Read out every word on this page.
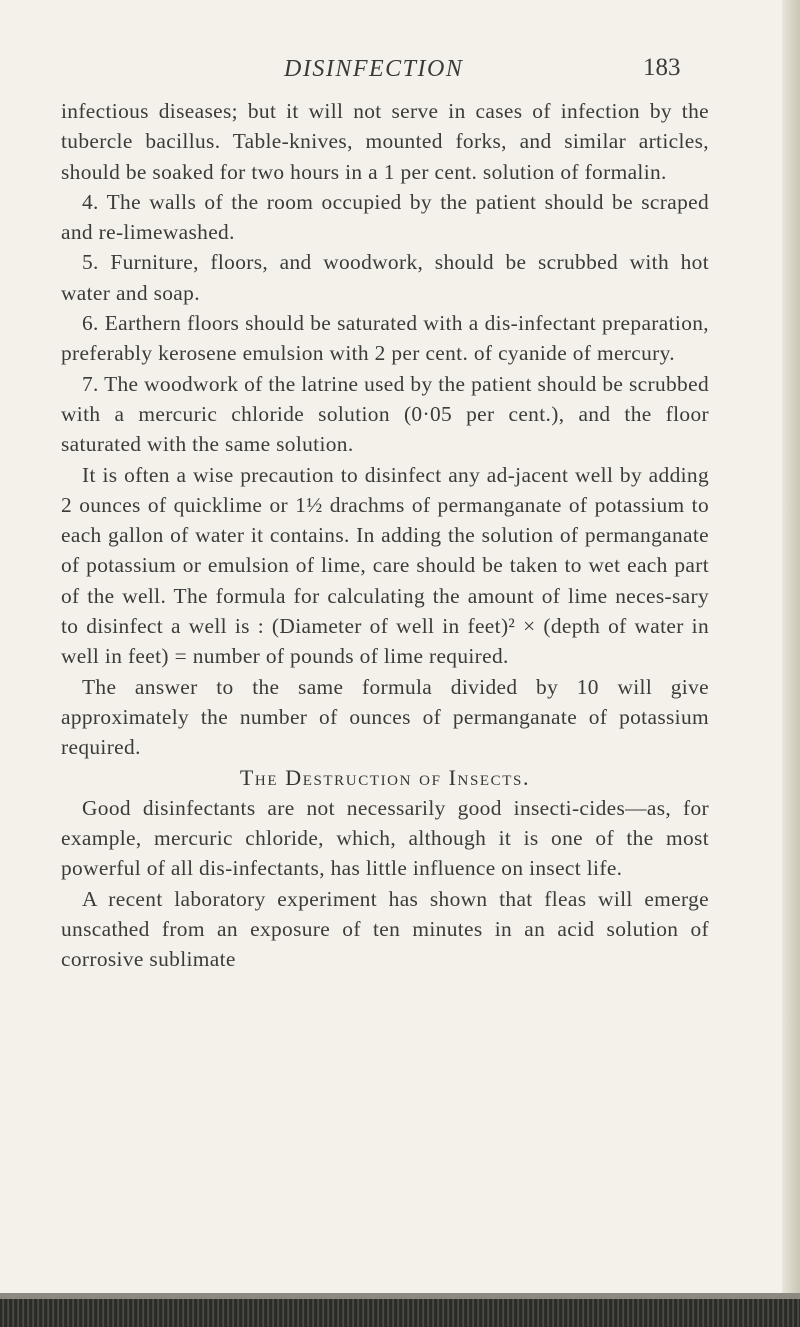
DISINFECTION	183

infectious diseases; but it will not serve in cases of infection by the tubercle bacillus. Table-knives, mounted forks, and similar articles, should be soaked for two hours in a 1 per cent. solution of formalin.

4. The walls of the room occupied by the patient should be scraped and re-limewashed.

5. Furniture, floors, and woodwork, should be scrubbed with hot water and soap.

6. Earthern floors should be saturated with a dis-infectant preparation, preferably kerosene emulsion with 2 per cent. of cyanide of mercury.

7. The woodwork of the latrine used by the patient should be scrubbed with a mercuric chloride solution (0·05 per cent.), and the floor saturated with the same solution.

It is often a wise precaution to disinfect any ad-jacent well by adding 2 ounces of quicklime or 1½ drachms of permanganate of potassium to each gallon of water it contains. In adding the solution of permanganate of potassium or emulsion of lime, care should be taken to wet each part of the well. The formula for calculating the amount of lime neces-sary to disinfect a well is : (Diameter of well in feet)² × (depth of water in well in feet) = number of pounds of lime required.

The answer to the same formula divided by 10 will give approximately the number of ounces of permanganate of potassium required.

The Destruction of Insects.

Good disinfectants are not necessarily good insecti-cides—as, for example, mercuric chloride, which, although it is one of the most powerful of all dis-infectants, has little influence on insect life.

A recent laboratory experiment has shown that fleas will emerge unscathed from an exposure of ten minutes in an acid solution of corrosive sublimate
